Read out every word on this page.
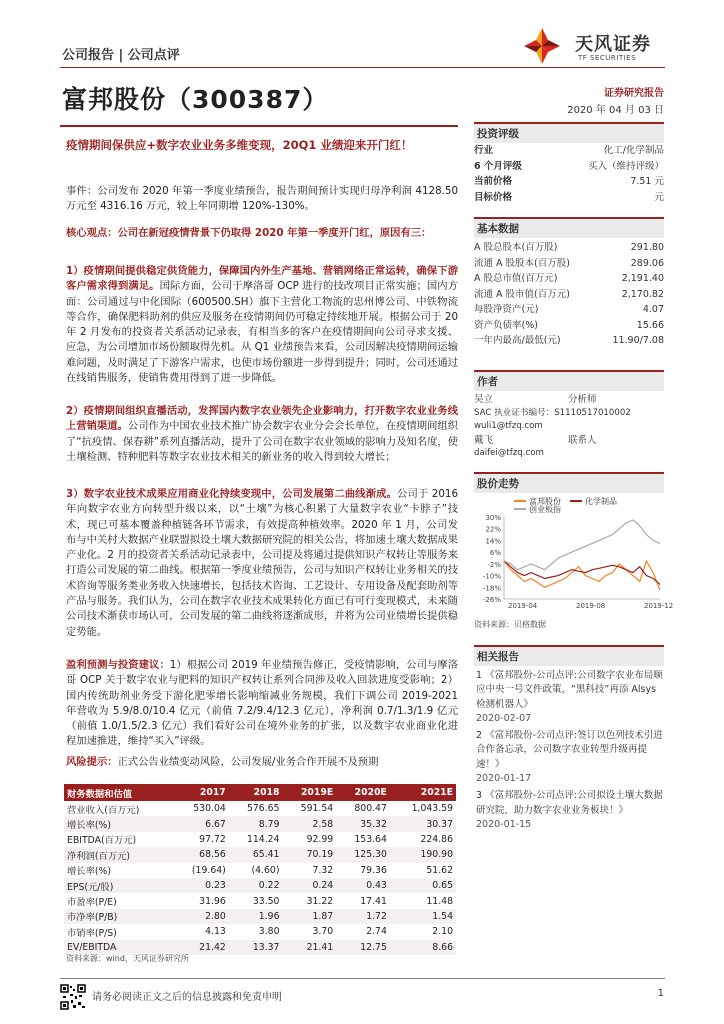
公司报告 | 公司点评
天风证券
TF SECURITIES
富邦股份（300387）	证券研究报告
2020 年 04 月 03 日
疫情期间保供应+数字农业业务多维变现，20Q1 业绩迎来开门红！
事件：公司发布 2020 年第一季度业绩预告，报告期间预计实现归母净利润 4128.50 万元至 4316.16 万元，较上年同期增 120%-130%。
核心观点：公司在新冠疫情背景下仍取得 2020 年第一季度开门红，原因有三：
1）疫情期间提供稳定供货能力，保障国内外生产基地、营销网络正常运转，确保下游客户需求得到满足。国际方面，公司于摩洛哥 OCP 进行的技改项目正常实施；国内方面：公司通过与中化国际（600500.SH）旗下主营化工物流的忠州博公司、中铁物流等合作，确保肥料助剂的供应及服务在疫情期间仍可稳定持续地开展。根据公司于 20 年 2 月发布的投资者关系活动记录表，有相当多的客户在疫情期间向公司寻求支援、应急，为公司增加市场份额取得先机。从 Q1 业绩预告来看，公司因解决疫情期间运输难问题，及时满足了下游客户需求，也使市场份额进一步得到提升；同时，公司还通过在线销售服务，使销售费用得到了进一步降低。
2）疫情期间组织直播活动，发挥国内数字农业领先企业影响力，打开数字农业业务线上营销渠道。公司作为中国农业技术推广协会数字农业分会会长单位，在疫情期间组织了“抗疫情、保春耕”系列直播活动，提升了公司在数字农业领域的影响力及知名度，使土壤检测、特种肥料等数字农业技术相关的新业务的收入得到较大增长；
3）数字农业技术成果应用商业化持续变现中，公司发展第二曲线渐成。公司于 2016 年向数字农业方向转型升级以来，以“土壤”为核心积累了大量数字农业“卡脖子”技术，现已可基本覆盖种植链各环节需求，有效提高种植效率。2020 年 1 月，公司发布与中关村大数据产业联盟拟设土壤大数据研究院的相关公告，将加速土壤大数据成果产业化。2 月的投资者关系活动记录表中，公司提及将通过提供知识产权转让等服务来打造公司发展的第二曲线。根据第一季度业绩预告，公司与知识产权转让业务相关的技术咨询等服务类业务收入快速增长，包括技术咨询、工艺设计、专用设备及配套助剂等产品与服务。我们认为，公司在数字农业技术成果转化方面已有可行变现模式，未来随公司技术渐获市场认可，公司发展的第二曲线将逐渐成形，并将为公司业绩增长提供稳定势能。
盈利预测与投资建议：1）根据公司 2019 年业绩预告修正，受疫情影响，公司与摩洛哥 OCP 关于数字农业与肥料的知识产权转让系列合同涉及收入回款进度受影响；2）国内传统助剂业务受下游化肥零增长影响缩减业务规模，我们下调公司 2019-2021 年营收为 5.9/8.0/10.4 亿元（前值 7.2/9.4/12.3 亿元），净利润 0.7/1.3/1.9 亿元（前值 1.0/1.5/2.3 亿元）我们看好公司在境外业务的扩张，以及数字农业商业化进程加速推进，维持“买入”评级。
风险提示：正式公告业绩变动风险，公司发展/业务合作开展不及预期
财务数据和估值	2017	2018	2019E	2020E	2021E
营业收入(百万元)	530.04	576.65	591.54	800.47	1,043.59
增长率(%)	6.67	8.79	2.58	35.32	30.37
EBITDA(百万元)	97.72	114.24	92.99	153.64	224.86
净利润(百万元)	68.56	65.41	70.19	125.30	190.90
增长率(%)	(19.64)	(4.60)	7.32	79.36	51.62
EPS(元/股)	0.23	0.22	0.24	0.43	0.65
市盈率(P/E)	31.96	33.50	31.22	17.41	11.48
市净率(P/B)	2.80	1.96	1.87	1.72	1.54
市销率(P/S)	4.13	3.80	3.70	2.74	2.10
EV/EBITDA	21.42	13.37	21.41	12.75	8.66
资料来源：wind，天风证券研究所
投资评级
行业	化工/化学制品
6 个月评级	买入（维持评级）
当前价格	7.51 元
目标价格	元
基本数据
A 股总股本(百万股)	291.80
流通 A 股股本(百万股)	289.06
A 股总市值(百万元)	2,191.40
流通 A 股市值(百万元)	2,170.82
每股净资产(元)	4.07
资产负债率(%)	15.66
一年内最高/最低(元)	11.90/7.08
作者
吴立	分析师
SAC 执业证书编号：S1110517010002
wuli1@tfzq.com
戴飞	联系人
daifei@tfzq.com
股价走势
富邦股份	化学制品
创业板指
30%
22%
14%
6%
-2%
-10%
-18%
-26%
2019-04	2019-08	2019-12
资料来源：贝格数据
相关报告
1 《富邦股份-公司点评:公司数字农业布局顺应中央一号文件政策，“黑科技”再添 Alsys 检测机器人》
2020-02-07
2 《富邦股份-公司点评:签订以色列技术引进合作备忘录，公司数字农业转型升级再提速！》
2020-01-17
3 《富邦股份-公司点评:公司拟设土壤大数据研究院，助力数字农业业务板块！》
2020-01-15
请务必阅读正文之后的信息披露和免责申明	1
